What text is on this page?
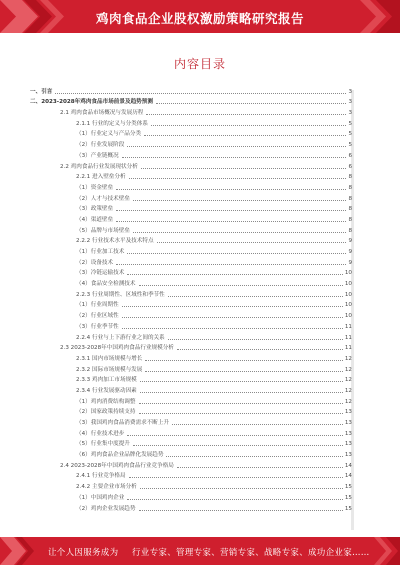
鸡肉食品企业股权激励策略研究报告
内容目录
一、引言	3
二、2023-2028年鸡肉食品市场前景及趋势预测	3
2.1 鸡肉食品市场概况与发展历程	3
2.1.1 行业的定义与分类体系	5
（1）行业定义与产品分类	5
（2）行业发展阶段	5
（3）产业链概况	6
2.2 鸡肉食品行业发展现状分析	6
2.2.1 进入壁垒分析	8
（1）资金壁垒	8
（2）人才与技术壁垒	8
（3）政策壁垒	8
（4）渠道壁垒	8
（5）品牌与市场壁垒	8
2.2.2 行业技术水平及技术特点	9
（1）行业加工技术	9
（2）设备技术	9
（3）冷链运输技术	10
（4）食品安全检测技术	10
2.2.3 行业周期性、区域性和季节性	10
（1）行业周期性	10
（2）行业区域性	10
（3）行业季节性	11
2.2.4 行业与上下游行业之间的关系	11
2.3 2023-2028年中国鸡肉食品行业规模分析	11
2.3.1 国内市场规模与增长	12
2.3.2 国际市场规模与发展	12
2.3.3 鸡肉加工市场规模	12
2.3.4 行业发展驱动因素	12
（1）鸡肉消费结构调整	12
（2）国家政策持续支持	13
（3）我国鸡肉食品消费需求不断上升	13
（4）行业技术进步	13
（5）行业集中度提升	13
（6）鸡肉食品企业品牌化发展趋势	13
2.4 2023-2028年中国鸡肉食品行业竞争格局	14
2.4.1 行业竞争格局	14
2.4.2 主要企业市场分析	15
（1）中国鸡肉企业	15
（2）鸡肉企业发展趋势	15
让个人因服务成为 行业专家、管理专家、营销专家、战略专家、成功企业家……
